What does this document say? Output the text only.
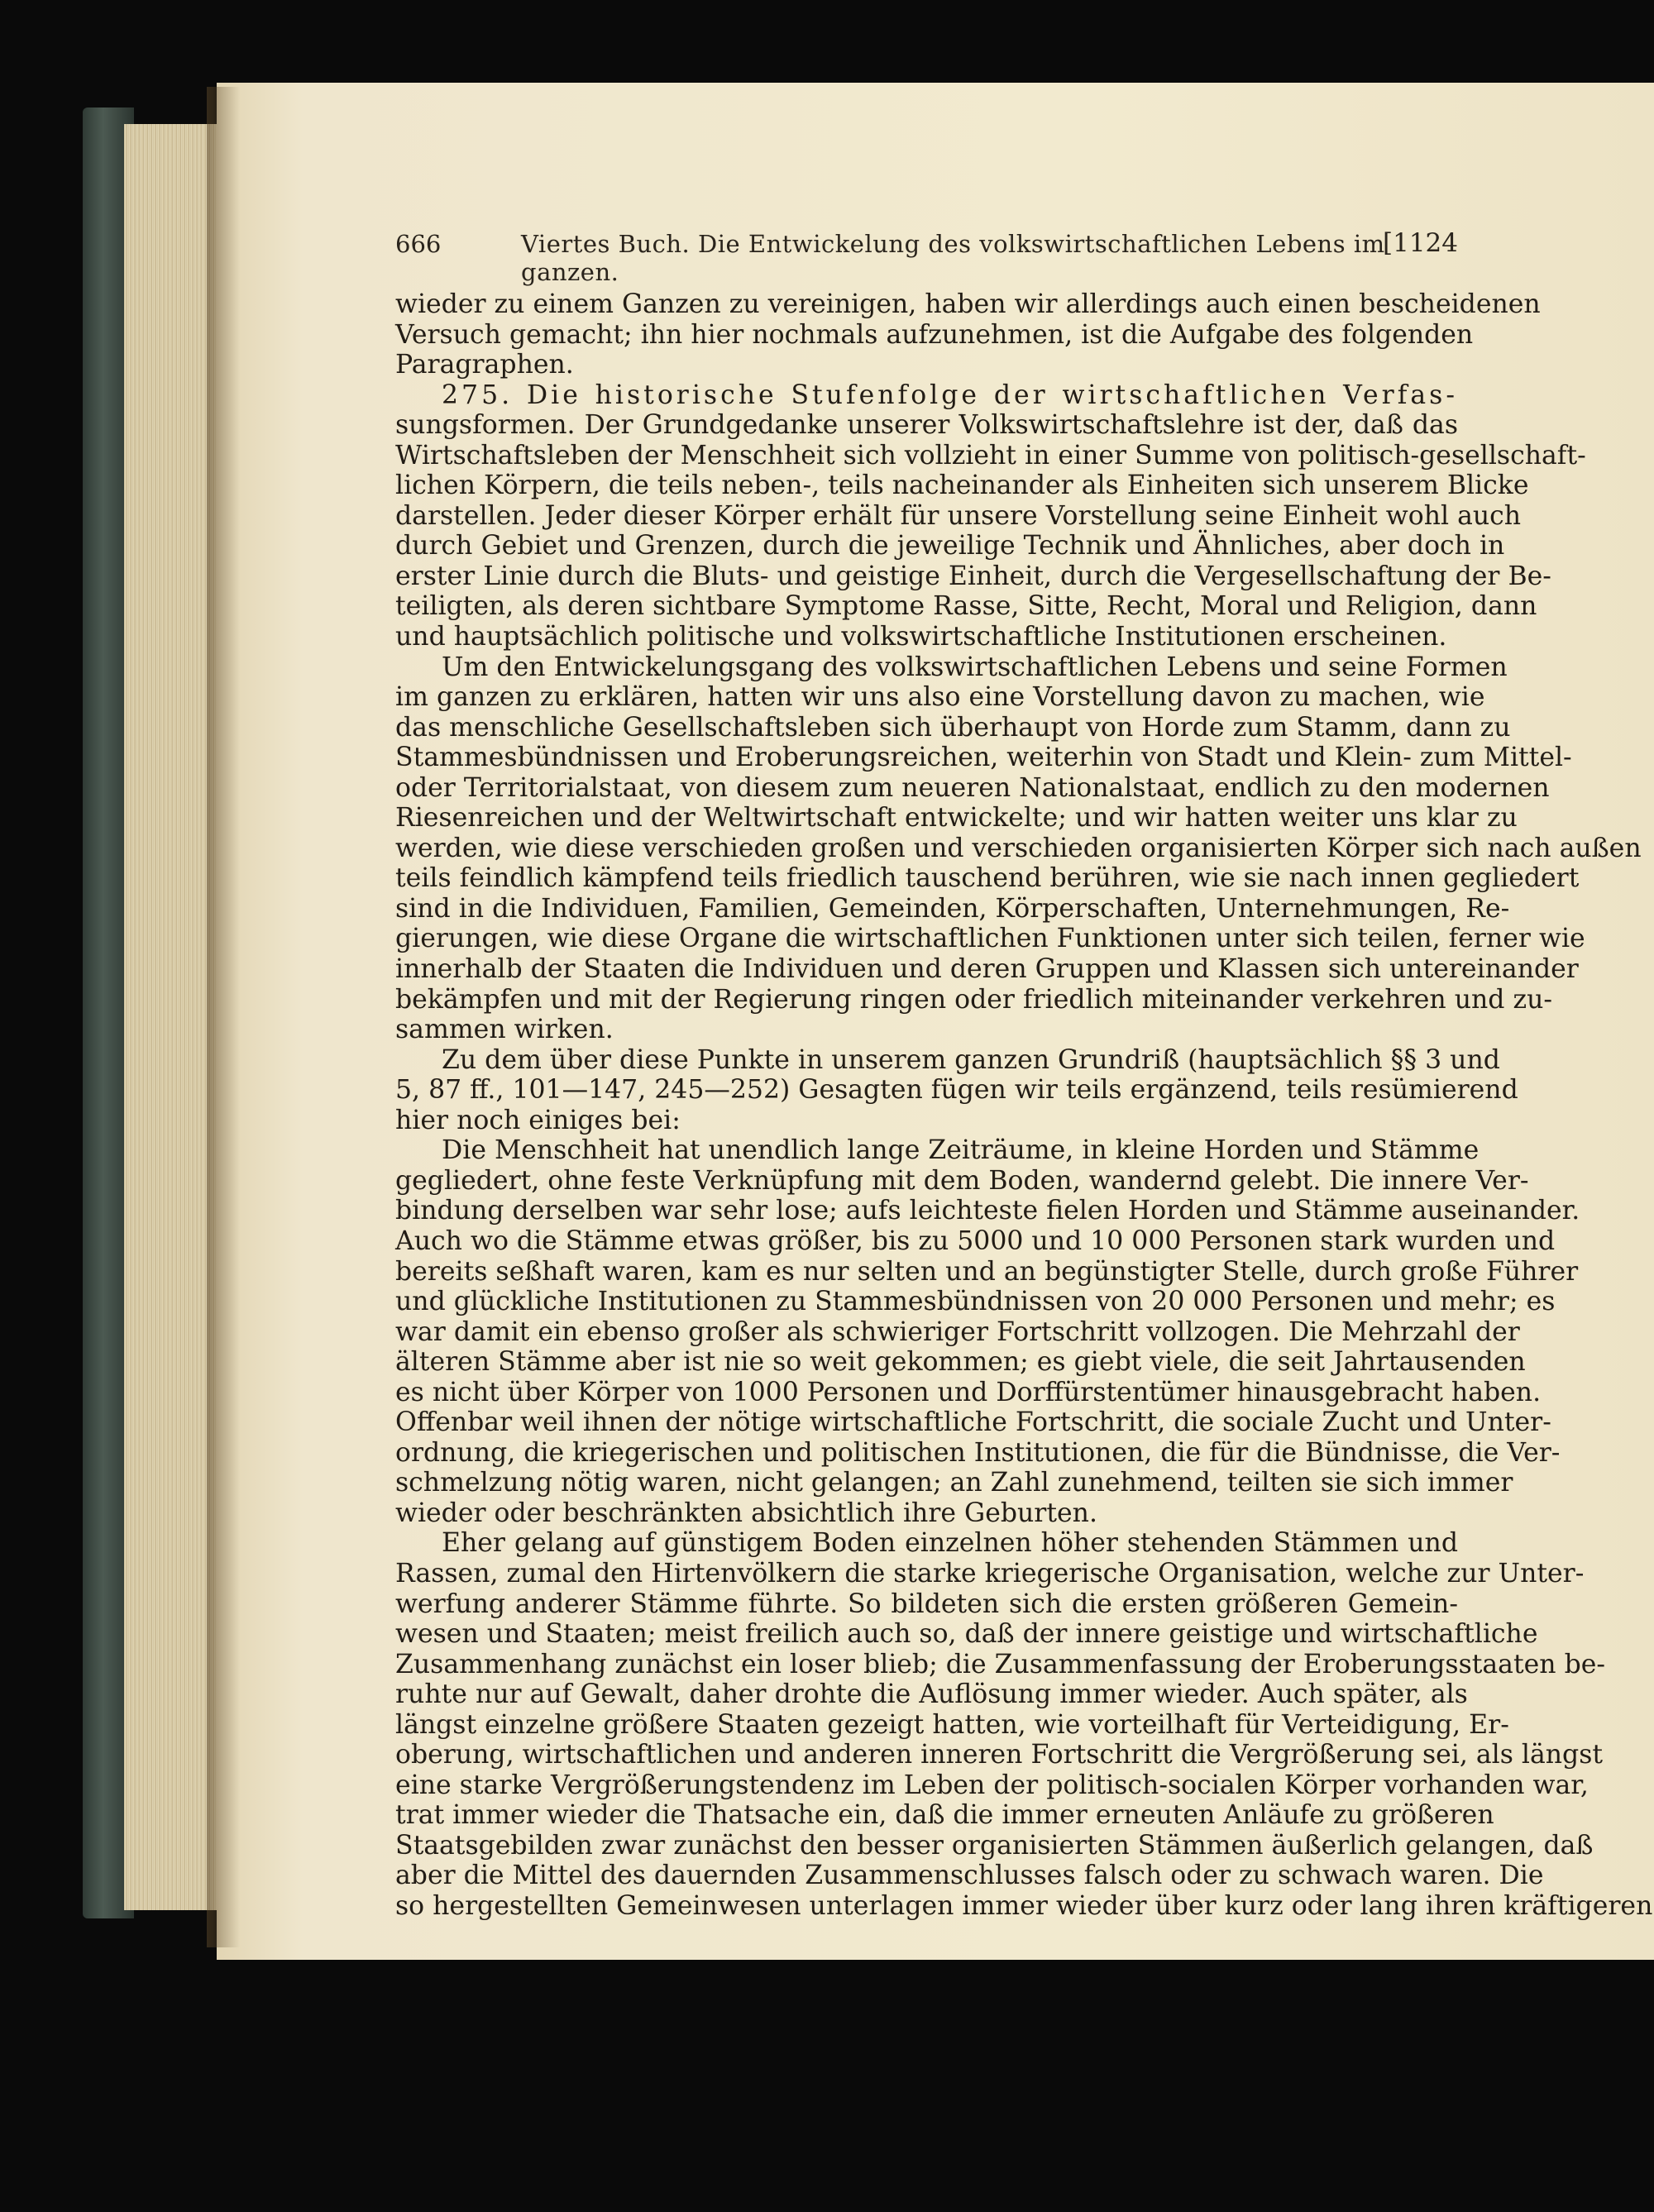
666	Viertes Buch. Die Entwickelung des volkswirtschaftlichen Lebens im ganzen.
[1124
wieder zu einem Ganzen zu vereinigen, haben wir allerdings auch einen bescheidenen
Versuch gemacht; ihn hier nochmals aufzunehmen, ist die Aufgabe des folgenden
Paragraphen.
275. Die historische Stufenfolge der wirtschaftlichen Verfas-
sungsformen. Der Grundgedanke unserer Volkswirtschaftslehre ist der, daß das
Wirtschaftsleben der Menschheit sich vollzieht in einer Summe von politisch-gesellschaft-
lichen Körpern, die teils neben-, teils nacheinander als Einheiten sich unserem Blicke
darstellen. Jeder dieser Körper erhält für unsere Vorstellung seine Einheit wohl auch
durch Gebiet und Grenzen, durch die jeweilige Technik und Ähnliches, aber doch in
erster Linie durch die Bluts- und geistige Einheit, durch die Vergesellschaftung der Be-
teiligten, als deren sichtbare Symptome Rasse, Sitte, Recht, Moral und Religion, dann
und hauptsächlich politische und volkswirtschaftliche Institutionen erscheinen.
Um den Entwickelungsgang des volkswirtschaftlichen Lebens und seine Formen
im ganzen zu erklären, hatten wir uns also eine Vorstellung davon zu machen, wie
das menschliche Gesellschaftsleben sich überhaupt von Horde zum Stamm, dann zu
Stammesbündnissen und Eroberungsreichen, weiterhin von Stadt und Klein- zum Mittel-
oder Territorialstaat, von diesem zum neueren Nationalstaat, endlich zu den modernen
Riesenreichen und der Weltwirtschaft entwickelte; und wir hatten weiter uns klar zu
werden, wie diese verschieden großen und verschieden organisierten Körper sich nach außen
teils feindlich kämpfend teils friedlich tauschend berühren, wie sie nach innen gegliedert
sind in die Individuen, Familien, Gemeinden, Körperschaften, Unternehmungen, Re-
gierungen, wie diese Organe die wirtschaftlichen Funktionen unter sich teilen, ferner wie
innerhalb der Staaten die Individuen und deren Gruppen und Klassen sich untereinander
bekämpfen und mit der Regierung ringen oder friedlich miteinander verkehren und zu-
sammen wirken.
Zu dem über diese Punkte in unserem ganzen Grundriß (hauptsächlich §§ 3 und
5, 87 ff., 101—147, 245—252) Gesagten fügen wir teils ergänzend, teils resümierend
hier noch einiges bei:
Die Menschheit hat unendlich lange Zeiträume, in kleine Horden und Stämme
gegliedert, ohne feste Verknüpfung mit dem Boden, wandernd gelebt. Die innere Ver-
bindung derselben war sehr lose; aufs leichteste fielen Horden und Stämme auseinander.
Auch wo die Stämme etwas größer, bis zu 5000 und 10 000 Personen stark wurden und
bereits seßhaft waren, kam es nur selten und an begünstigter Stelle, durch große Führer
und glückliche Institutionen zu Stammesbündnissen von 20 000 Personen und mehr; es
war damit ein ebenso großer als schwieriger Fortschritt vollzogen. Die Mehrzahl der
älteren Stämme aber ist nie so weit gekommen; es giebt viele, die seit Jahrtausenden
es nicht über Körper von 1000 Personen und Dorffürstentümer hinausgebracht haben.
Offenbar weil ihnen der nötige wirtschaftliche Fortschritt, die sociale Zucht und Unter-
ordnung, die kriegerischen und politischen Institutionen, die für die Bündnisse, die Ver-
schmelzung nötig waren, nicht gelangen; an Zahl zunehmend, teilten sie sich immer
wieder oder beschränkten absichtlich ihre Geburten.
Eher gelang auf günstigem Boden einzelnen höher stehenden Stämmen und
Rassen, zumal den Hirtenvölkern die starke kriegerische Organisation, welche zur Unter-
werfung anderer Stämme führte. So bildeten sich die ersten größeren Gemein-
wesen und Staaten; meist freilich auch so, daß der innere geistige und wirtschaftliche
Zusammenhang zunächst ein loser blieb; die Zusammenfassung der Eroberungsstaaten be-
ruhte nur auf Gewalt, daher drohte die Auflösung immer wieder. Auch später, als
längst einzelne größere Staaten gezeigt hatten, wie vorteilhaft für Verteidigung, Er-
oberung, wirtschaftlichen und anderen inneren Fortschritt die Vergrößerung sei, als längst
eine starke Vergrößerungstendenz im Leben der politisch-socialen Körper vorhanden war,
trat immer wieder die Thatsache ein, daß die immer erneuten Anläufe zu größeren
Staatsgebilden zwar zunächst den besser organisierten Stämmen äußerlich gelangen, daß
aber die Mittel des dauernden Zusammenschlusses falsch oder zu schwach waren. Die
so hergestellten Gemeinwesen unterlagen immer wieder über kurz oder lang ihren kräftigeren
